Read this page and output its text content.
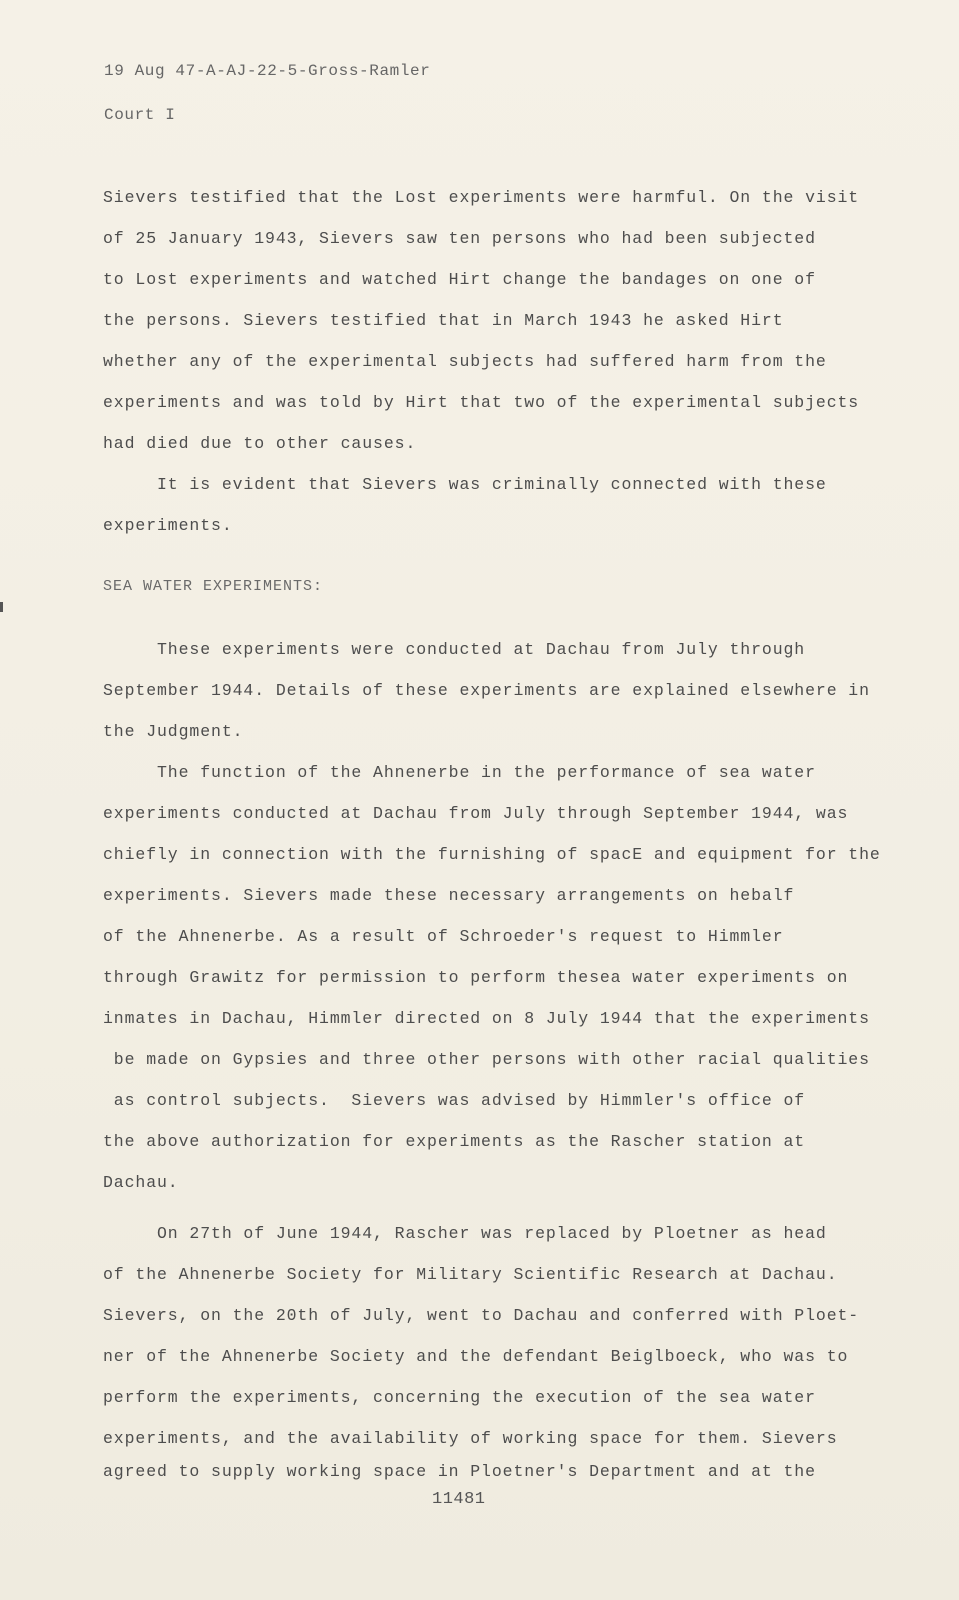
19 Aug 47-A-AJ-22-5-Gross-Ramler
Court I
Sievers testified that the Lost experiments were harmful. On the visit
of 25 January 1943, Sievers saw ten persons who had been subjected
to Lost experiments and watched Hirt change the bandages on one of
the persons. Sievers testified that in March 1943 he asked Hirt
whether any of the experimental subjects had suffered harm from the
experiments and was told by Hirt that two of the experimental subjects
had died due to other causes.
It is evident that Sievers was criminally connected with these
experiments.
SEA WATER EXPERIMENTS:
These experiments were conducted at Dachau from July through
September 1944. Details of these experiments are explained elsewhere in
the Judgment.
The function of the Ahnenerbe in the performance of sea water
experiments conducted at Dachau from July through September 1944, was
chiefly in connection with the furnishing of spacE and equipment for the
experiments. Sievers made these necessary arrangements on hebalf
of the Ahnenerbe. As a result of Schroeder's request to Himmler
through Grawitz for permission to perform thesea water experiments on
inmates in Dachau, Himmler directed on 8 July 1944 that the experiments
be made on Gypsies and three other persons with other racial qualities
as control subjects.  Sievers was advised by Himmler's office of
the above authorization for experiments as the Rascher station at
Dachau.
On 27th of June 1944, Rascher was replaced by Ploetner as head
of the Ahnenerbe Society for Military Scientific Research at Dachau.
Sievers, on the 20th of July, went to Dachau and conferred with Ploet-
ner of the Ahnenerbe Society and the defendant Beiglboeck, who was to
perform the experiments, concerning the execution of the sea water
experiments, and the availability of working space for them. Sievers
agreed to supply working space in Ploetner's Department and at the
11481
